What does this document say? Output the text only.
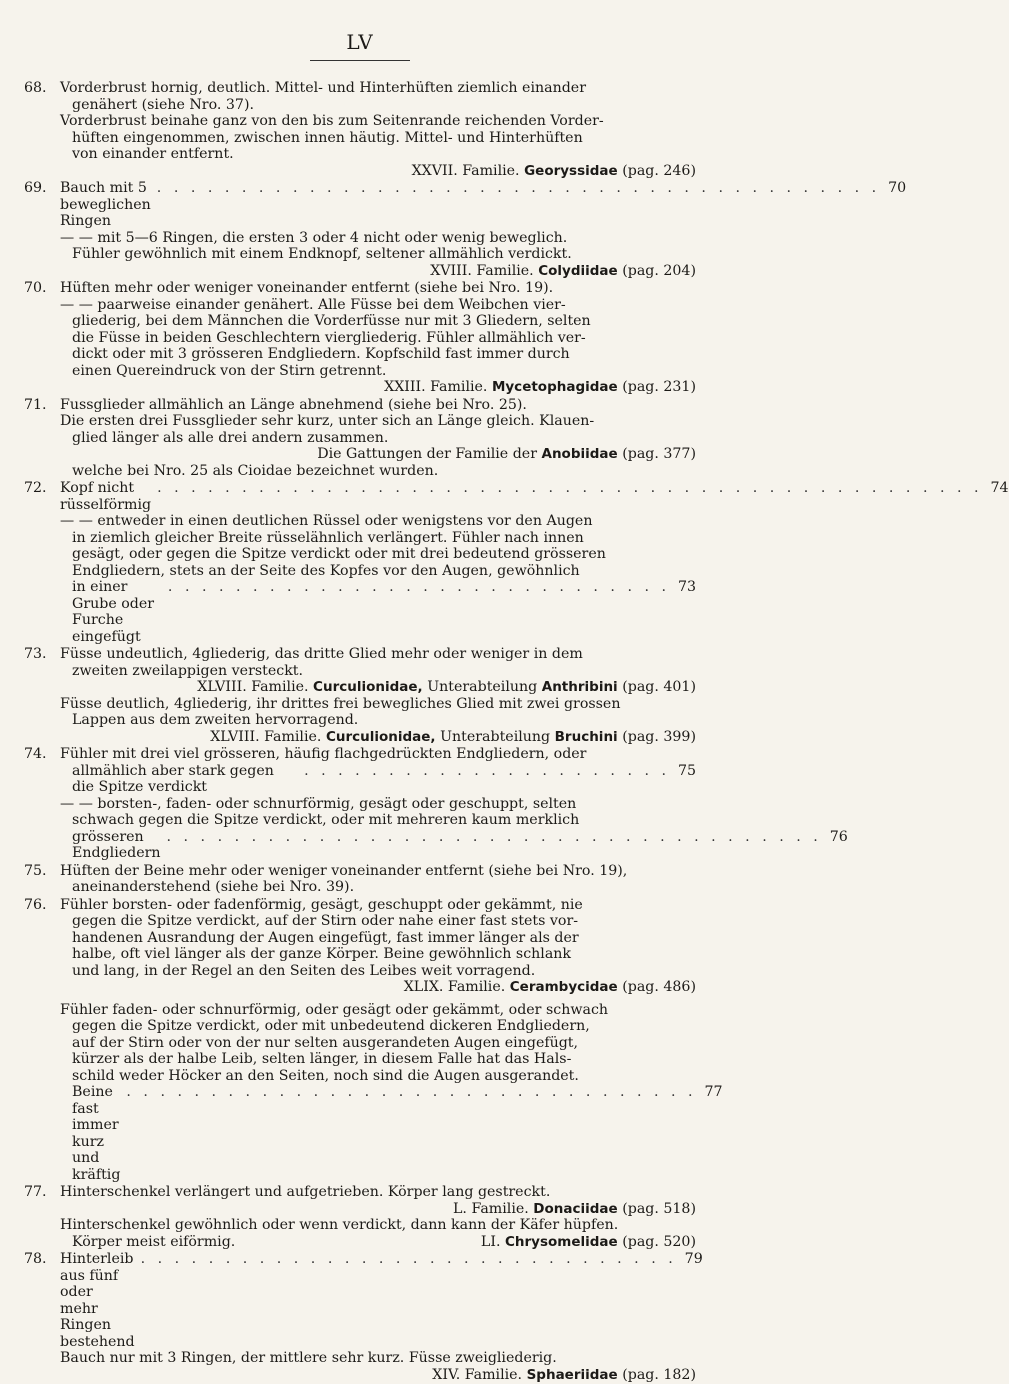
LV
68. Vorderbrust hornig, deutlich. Mittel- und Hinterhüften ziemlich einander
genähert (siehe Nro. 37).
Vorderbrust beinahe ganz von den bis zum Seitenrande reichenden Vorder-
hüften eingenommen, zwischen innen häutig. Mittel- und Hinterhüften
von einander entfernt.
XXVII. Familie. Georyssidae (pag. 246)
69. Bauch mit 5 beweglichen Ringen
. . . . . . . . . . . . . . . . . . . . . . . . . . . . . . . . . . . . . . . . . . . 70
— — mit 5—6 Ringen, die ersten 3 oder 4 nicht oder wenig beweglich.
Fühler gewöhnlich mit einem Endknopf, seltener allmählich verdickt.
XVIII. Familie. Colydiidae (pag. 204)
70. Hüften mehr oder weniger voneinander entfernt (siehe bei Nro. 19).
— — paarweise einander genähert. Alle Füsse bei dem Weibchen vier-
gliederig, bei dem Männchen die Vorderfüsse nur mit 3 Gliedern, selten
die Füsse in beiden Geschlechtern viergliederig. Fühler allmählich ver-
dickt oder mit 3 grösseren Endgliedern. Kopfschild fast immer durch
einen Quereindruck von der Stirn getrennt.
XXIII. Familie. Mycetophagidae (pag. 231)
71. Fussglieder allmählich an Länge abnehmend (siehe bei Nro. 25).
Die ersten drei Fussglieder sehr kurz, unter sich an Länge gleich. Klauen-
glied länger als alle drei andern zusammen.
Die Gattungen der Familie der Anobiidae (pag. 377)
welche bei Nro. 25 als Cioidae bezeichnet wurden.
72. Kopf nicht rüsselförmig
. . . . . . . . . . . . . . . . . . . . . . . . . . . . . . . . . . . . . . . . . . . . . . . . . 74
— — entweder in einen deutlichen Rüssel oder wenigstens vor den Augen
in ziemlich gleicher Breite rüsselähnlich verlängert. Fühler nach innen
gesägt, oder gegen die Spitze verdickt oder mit drei bedeutend grösseren
Endgliedern, stets an der Seite des Kopfes vor den Augen, gewöhnlich
in einer Grube oder Furche eingefügt
. . . . . . . . . . . . . . . . . . . . . . . . . . . . . . 73
73. Füsse undeutlich, 4gliederig, das dritte Glied mehr oder weniger in dem
zweiten zweilappigen versteckt.
XLVIII. Familie. Curculionidae, Unterabteilung Anthribini (pag. 401)
Füsse deutlich, 4gliederig, ihr drittes frei bewegliches Glied mit zwei grossen
Lappen aus dem zweiten hervorragend.
XLVIII. Familie. Curculionidae, Unterabteilung Bruchini (pag. 399)
74. Fühler mit drei viel grösseren, häufig flachgedrückten Endgliedern, oder
allmählich aber stark gegen die Spitze verdickt
. . . . . . . . . . . . . . . . . . . . . . 75
— — borsten-, faden- oder schnurförmig, gesägt oder geschuppt, selten
schwach gegen die Spitze verdickt, oder mit mehreren kaum merklich
grösseren Endgliedern
. . . . . . . . . . . . . . . . . . . . . . . . . . . . . . . . . . . . . . . 76
75. Hüften der Beine mehr oder weniger voneinander entfernt (siehe bei Nro. 19),
aneinanderstehend (siehe bei Nro. 39).
76. Fühler borsten- oder fadenförmig, gesägt, geschuppt oder gekämmt, nie
gegen die Spitze verdickt, auf der Stirn oder nahe einer fast stets vor-
handenen Ausrandung der Augen eingefügt, fast immer länger als der
halbe, oft viel länger als der ganze Körper. Beine gewöhnlich schlank
und lang, in der Regel an den Seiten des Leibes weit vorragend.
XLIX. Familie. Cerambycidae (pag. 486)
Fühler faden- oder schnurförmig, oder gesägt oder gekämmt, oder schwach
gegen die Spitze verdickt, oder mit unbedeutend dickeren Endgliedern,
auf der Stirn oder von der nur selten ausgerandeten Augen eingefügt,
kürzer als der halbe Leib, selten länger, in diesem Falle hat das Hals-
schild weder Höcker an den Seiten, noch sind die Augen ausgerandet.
Beine fast immer kurz und kräftig
. . . . . . . . . . . . . . . . . . . . . . . . . . . . . . . . . . 77
77. Hinterschenkel verlängert und aufgetrieben. Körper lang gestreckt.
L. Familie. Donaciidae (pag. 518)
Hinterschenkel gewöhnlich oder wenn verdickt, dann kann der Käfer hüpfen.
Körper meist eiförmig.	LI. Chrysomelidae (pag. 520)
78. Hinterleib aus fünf oder mehr Ringen bestehend
. . . . . . . . . . . . . . . . . . . . . . . . . . . . . . . . 79
Bauch nur mit 3 Ringen, der mittlere sehr kurz. Füsse zweigliederig.
XIV. Familie. Sphaeriidae (pag. 182)
